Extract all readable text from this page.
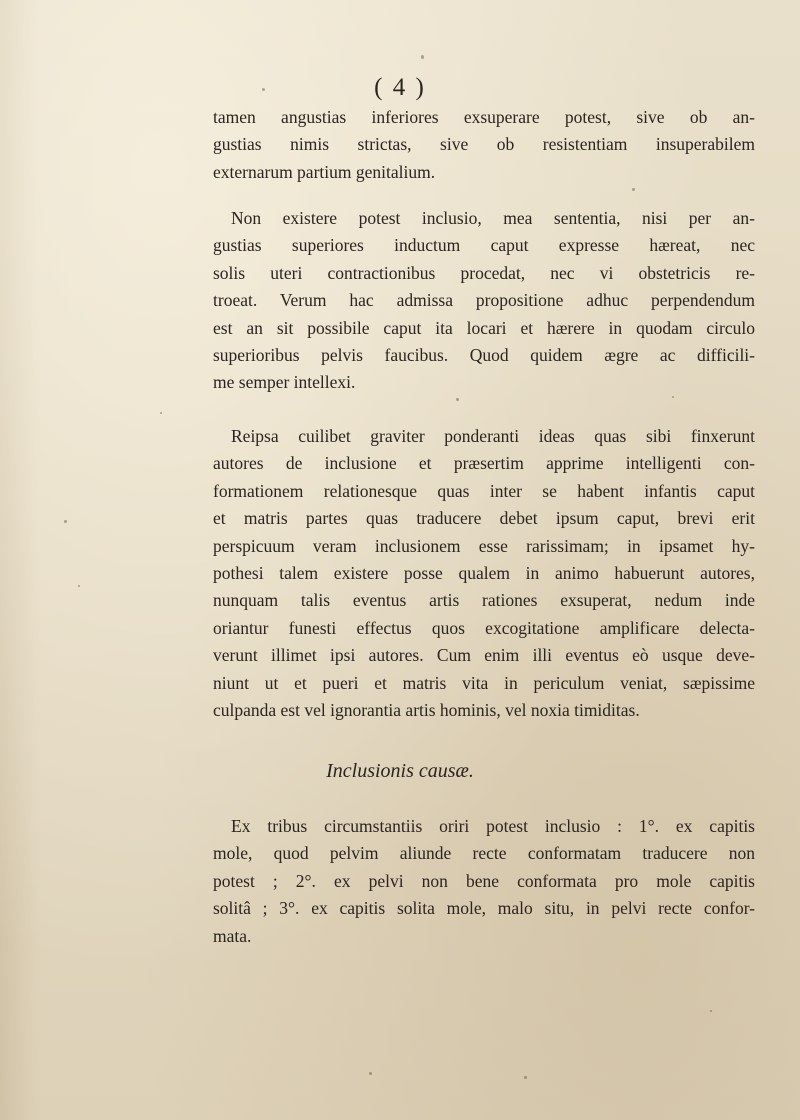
( 4 )
tamen angustias inferiores exsuperare potest, sive ob an-
gustias nimis strictas, sive ob resistentiam insuperabilem
externarum partium genitalium.
Non existere potest inclusio, mea sententia, nisi per an-
gustias superiores inductum caput expresse hæreat, nec
solis uteri contractionibus procedat, nec vi obstetricis re-
troeat. Verum hac admissa propositione adhuc perpendendum
est an sit possibile caput ita locari et hærere in quodam circulo
superioribus pelvis faucibus. Quod quidem ægre ac difficili-
me semper intellexi.
Reipsa cuilibet graviter ponderanti ideas quas sibi finxerunt
autores de inclusione et præsertim apprime intelligenti con-
formationem relationesque quas inter se habent infantis caput
et matris partes quas traducere debet ipsum caput, brevi erit
perspicuum veram inclusionem esse rarissimam; in ipsamet hy-
pothesi talem existere posse qualem in animo habuerunt autores,
nunquam talis eventus artis rationes exsuperat, nedum inde
oriantur funesti effectus quos excogitatione amplificare delecta-
verunt illimet ipsi autores. Cum enim illi eventus eò usque deve-
niunt ut et pueri et matris vita in periculum veniat, sæpissime
culpanda est vel ignorantia artis hominis, vel noxia timiditas.
Inclusionis causæ.
Ex tribus circumstantiis oriri potest inclusio : 1°. ex capitis
mole, quod pelvim aliunde recte conformatam traducere non
potest ; 2°. ex pelvi non bene conformata pro mole capitis
solitâ ; 3°. ex capitis solita mole, malo situ, in pelvi recte confor-
mata.
